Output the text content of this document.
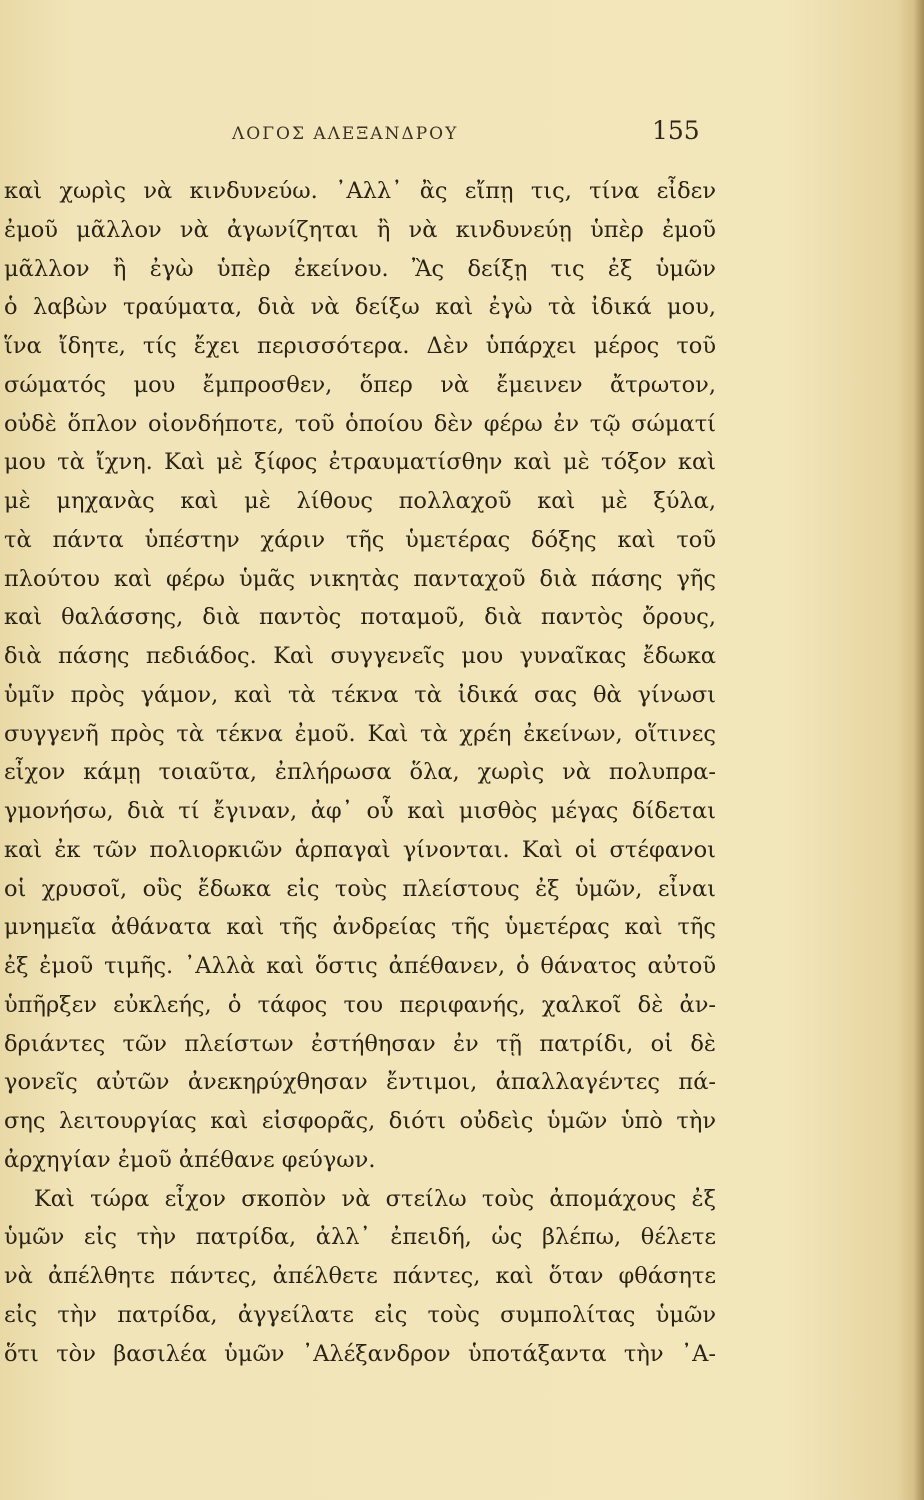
ΛΟΓΟΣ ΑΛΕΞΑΝΔΡΟΥ	155
καὶ χωρὶς νὰ κινδυνεύω. ᾿Αλλ᾿ ἂς εἴπῃ τις, τίνα εἶδεν
ἐμοῦ μᾶλλον νὰ ἀγωνίζηται ἢ νὰ κινδυνεύῃ ὑπὲρ ἐμοῦ
μᾶλλον ἢ ἐγὼ ὑπὲρ ἐκείνου. Ἂς δείξῃ τις ἐξ ὑμῶν
ὁ λαβὼν τραύματα, διὰ νὰ δείξω καὶ ἐγὼ τὰ ἰδικά μου,
ἵνα ἴδητε, τίς ἔχει περισσότερα. Δὲν ὑπάρχει μέρος τοῦ
σώματός μου ἔμπροσθεν, ὅπερ νὰ ἔμεινεν ἄτρωτον,
οὐδὲ ὅπλον οἱονδήποτε, τοῦ ὁποίου δὲν φέρω ἐν τῷ σώματί
μου τὰ ἴχνη. Καὶ μὲ ξίφος ἐτραυματίσθην καὶ μὲ τόξον καὶ
μὲ μηχανὰς καὶ μὲ λίθους πολλαχοῦ καὶ μὲ ξύλα,
τὰ πάντα ὑπέστην χάριν τῆς ὑμετέρας δόξης καὶ τοῦ
πλούτου καὶ φέρω ὑμᾶς νικητὰς πανταχοῦ διὰ πάσης γῆς
καὶ θαλάσσης, διὰ παντὸς ποταμοῦ, διὰ παντὸς ὄρους,
διὰ πάσης πεδιάδος. Καὶ συγγενεῖς μου γυναῖκας ἔδωκα
ὑμῖν πρὸς γάμον, καὶ τὰ τέκνα τὰ ἰδικά σας θὰ γίνωσι
συγγενῆ πρὸς τὰ τέκνα ἐμοῦ. Καὶ τὰ χρέη ἐκείνων, οἵτινες
εἶχον κάμῃ τοιαῦτα, ἐπλήρωσα ὅλα, χωρὶς νὰ πολυπρα-
γμονήσω, διὰ τί ἔγιναν, ἀφ᾿ οὗ καὶ μισθὸς μέγας δίδεται
καὶ ἐκ τῶν πολιορκιῶν ἁρπαγαὶ γίνονται. Καὶ οἱ στέφανοι
οἱ χρυσοῖ, οὓς ἔδωκα εἰς τοὺς πλείστους ἐξ ὑμῶν, εἶναι
μνημεῖα ἀθάνατα καὶ τῆς ἀνδρείας τῆς ὑμετέρας καὶ τῆς
ἐξ ἐμοῦ τιμῆς. ᾿Αλλὰ καὶ ὅστις ἀπέθανεν, ὁ θάνατος αὐτοῦ
ὑπῆρξεν εὐκλεής, ὁ τάφος του περιφανής, χαλκοῖ δὲ ἀν-
δριάντες τῶν πλείστων ἐστήθησαν ἐν τῇ πατρίδι, οἱ δὲ
γονεῖς αὐτῶν ἀνεκηρύχθησαν ἔντιμοι, ἀπαλλαγέντες πά-
σης λειτουργίας καὶ εἰσφορᾶς, διότι οὐδεὶς ὑμῶν ὑπὸ τὴν
ἀρχηγίαν ἐμοῦ ἀπέθανε φεύγων.
Καὶ τώρα εἶχον σκοπὸν νὰ στείλω τοὺς ἀπομάχους ἐξ
ὑμῶν εἰς τὴν πατρίδα, ἀλλ᾿ ἐπειδή, ὡς βλέπω, θέλετε
νὰ ἀπέλθητε πάντες, ἀπέλθετε πάντες, καὶ ὅταν φθάσητε
εἰς τὴν πατρίδα, ἀγγείλατε εἰς τοὺς συμπολίτας ὑμῶν
ὅτι τὸν βασιλέα ὑμῶν ᾿Αλέξανδρον ὑποτάξαντα τὴν ᾿Α-
